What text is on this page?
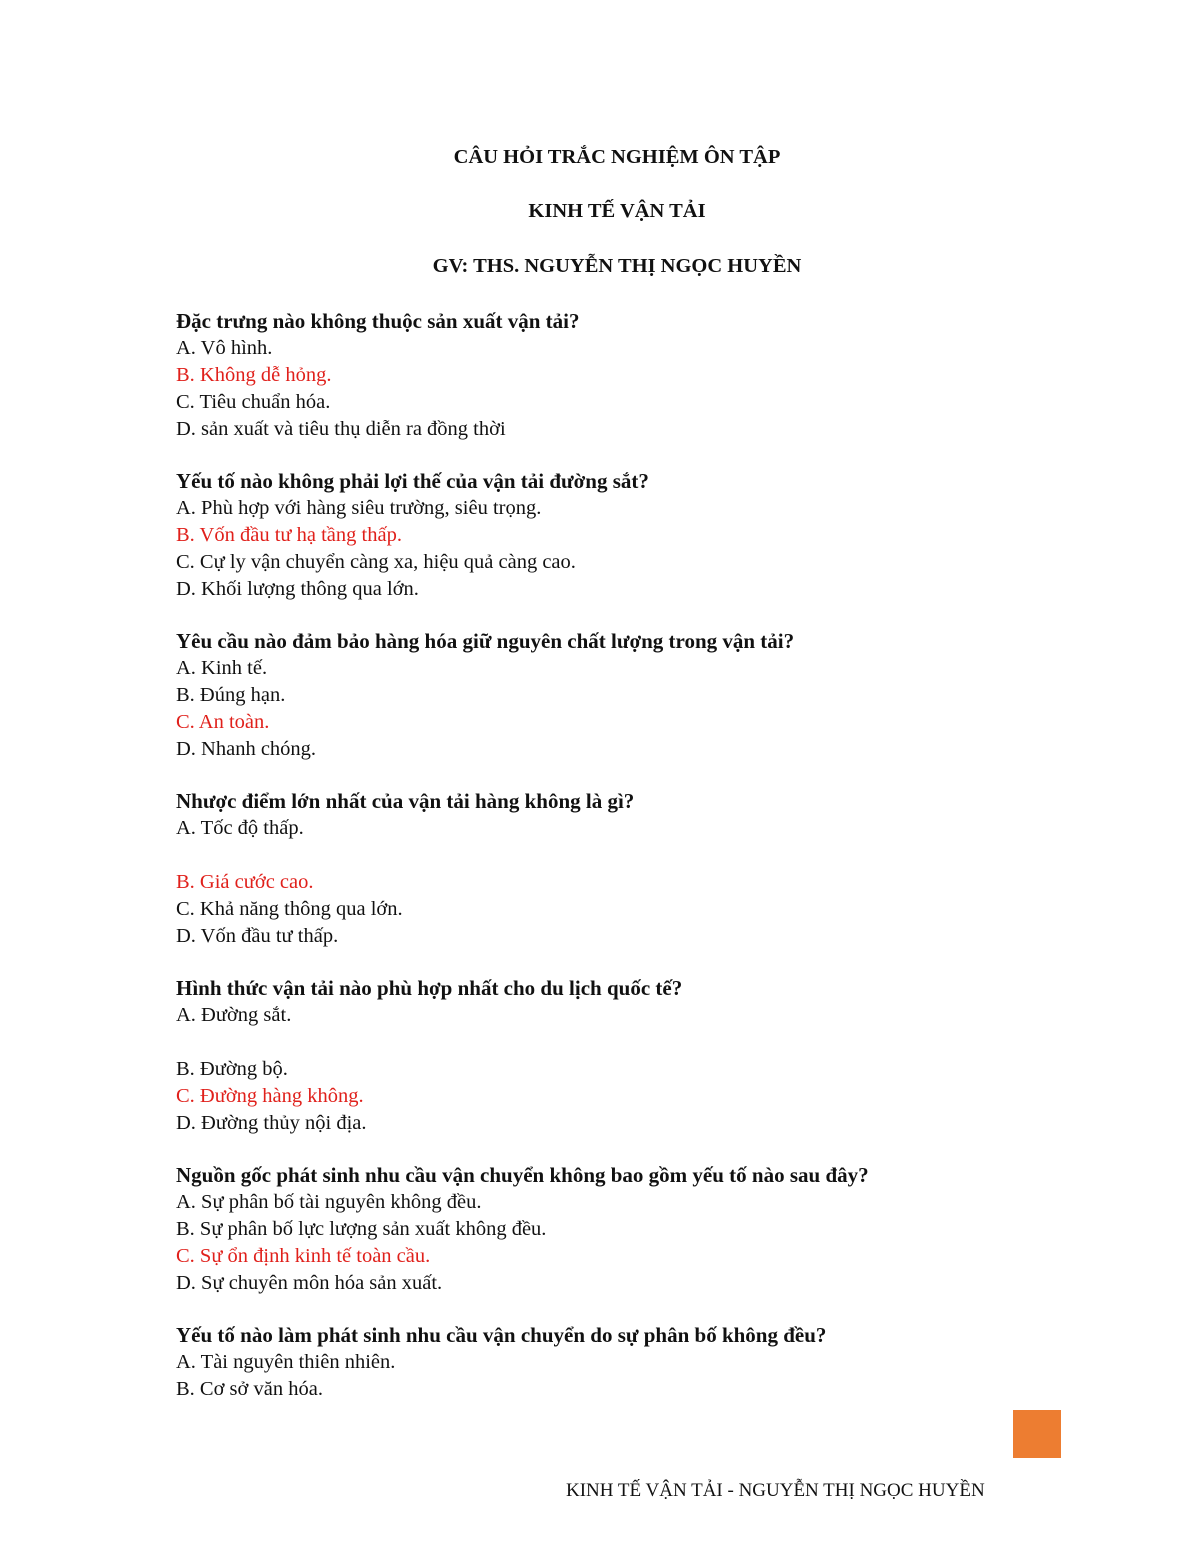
CÂU HỎI TRẮC NGHIỆM ÔN TẬP
KINH TẾ VẬN TẢI
GV: THS. NGUYỄN THỊ NGỌC HUYỀN

Đặc trưng nào không thuộc sản xuất vận tải?

A. Vô hình.
B. Không dễ hỏng.
C. Tiêu chuẩn hóa.
D. sản xuất và tiêu thụ diễn ra đồng thời

Yếu tố nào không phải lợi thế của vận tải đường sắt?

A. Phù hợp với hàng siêu trường, siêu trọng.
B. Vốn đầu tư hạ tầng thấp.
C. Cự ly vận chuyển càng xa, hiệu quả càng cao.
D. Khối lượng thông qua lớn.

Yêu cầu nào đảm bảo hàng hóa giữ nguyên chất lượng trong vận tải?

A. Kinh tế.
B. Đúng hạn.
C. An toàn.
D. Nhanh chóng.

Nhược điểm lớn nhất của vận tải hàng không là gì?

A. Tốc độ thấp.
B. Giá cước cao.
C. Khả năng thông qua lớn.
D. Vốn đầu tư thấp.

Hình thức vận tải nào phù hợp nhất cho du lịch quốc tế?

A. Đường sắt.
B. Đường bộ.
C. Đường hàng không.
D. Đường thủy nội địa.

Nguồn gốc phát sinh nhu cầu vận chuyển không bao gồm yếu tố nào sau đây?

A. Sự phân bố tài nguyên không đều.
B. Sự phân bố lực lượng sản xuất không đều.
C. Sự ổn định kinh tế toàn cầu.
D. Sự chuyên môn hóa sản xuất.

Yếu tố nào làm phát sinh nhu cầu vận chuyển do sự phân bố không đều?

A. Tài nguyên thiên nhiên.
B. Cơ sở văn hóa.

KINH TẾ VẬN TẢI - NGUYỄN THỊ NGỌC HUYỀN
